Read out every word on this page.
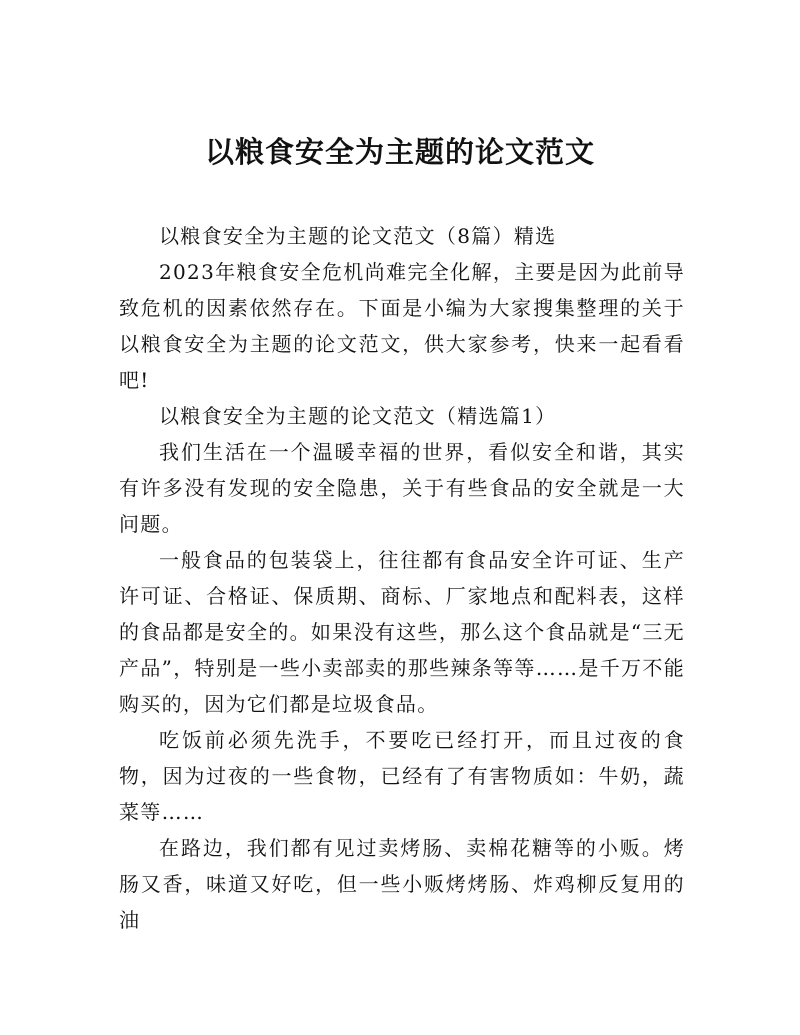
以粮食安全为主题的论文范文

以粮食安全为主题的论文范文（8篇）精选

2023年粮食安全危机尚难完全化解，主要是因为此前导致危机的因素依然存在。下面是小编为大家搜集整理的关于以粮食安全为主题的论文范文，供大家参考，快来一起看看吧!

以粮食安全为主题的论文范文（精选篇1）

我们生活在一个温暖幸福的世界，看似安全和谐，其实有许多没有发现的安全隐患，关于有些食品的安全就是一大问题。

一般食品的包装袋上，往往都有食品安全许可证、生产许可证、合格证、保质期、商标、厂家地点和配料表，这样的食品都是安全的。如果没有这些，那么这个食品就是“三无产品”，特别是一些小卖部卖的那些辣条等等……是千万不能购买的，因为它们都是垃圾食品。

吃饭前必须先洗手，不要吃已经打开，而且过夜的食物，因为过夜的一些食物，已经有了有害物质如：牛奶，蔬菜等……

在路边，我们都有见过卖烤肠、卖棉花糖等的小贩。烤肠又香，味道又好吃，但一些小贩烤烤肠、炸鸡柳反复用的油
